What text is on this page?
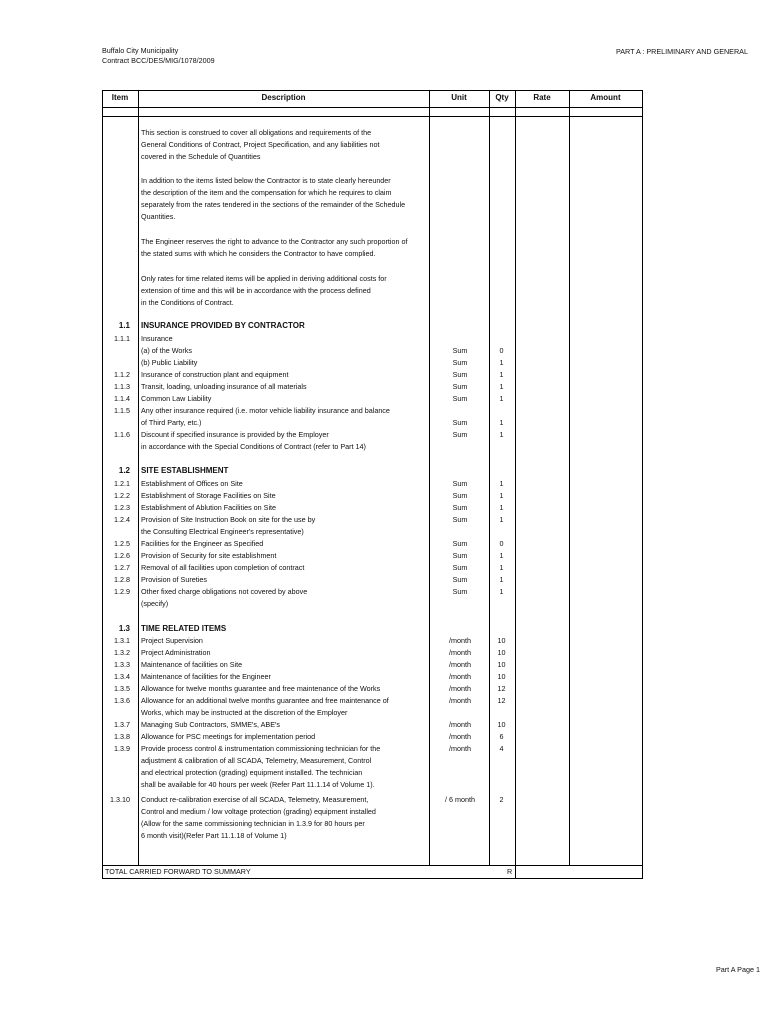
Buffalo City Municipality
Contract BCC/DES/MIG/1078/2009
PART A : PRELIMINARY AND GENERAL
Item	Description	Unit	Qty	Rate	Amount
This section is construed to cover all obligations and requirements of the
General Conditions of Contract, Project Specification, and any liabilities not
covered in the Schedule of Quantities
In addition to the items listed below the Contractor is to state clearly hereunder
the description of the item and the compensation for which he requires to claim
separately from the rates tendered in the sections of the remainder of the Schedule
Quantities.
The Engineer reserves the right to advance to the Contractor any such proportion of
the stated sums with which he considers the Contractor to have complied.
Only rates for time related items will be applied in deriving additional costs for
extension of time and this will be in accordance with the process defined
in the Conditions of Contract.
1.1 INSURANCE PROVIDED BY CONTRACTOR
1.1.1 Insurance
(a) of the Works	Sum	0
(b) Public Liability	Sum	1
1.1.2 Insurance of construction plant and equipment	Sum	1
1.1.3 Transit, loading, unloading insurance of all materials	Sum	1
1.1.4 Common Law Liability	Sum	1
1.1.5 Any other insurance required (i.e. motor vehicle liability insurance and balance
of Third Party, etc.)	Sum	1
1.1.6 Discount if specified insurance is provided by the Employer	Sum	1
in accordance with the Special Conditions of Contract (refer to Part 14)
1.2 SITE ESTABLISHMENT
1.2.1 Establishment of Offices on Site	Sum	1
1.2.2 Establishment of Storage Facilities on Site	Sum	1
1.2.3 Establishment of Ablution Facilities on Site	Sum	1
1.2.4 Provision of Site Instruction Book on site for the use by	Sum	1
the Consulting Electrical Engineer's representative)
1.2.5 Facilities for the Engineer as Specified	Sum	0
1.2.6 Provision of Security for site establishment	Sum	1
1.2.7 Removal of all facilities upon completion of contract	Sum	1
1.2.8 Provision of Sureties	Sum	1
1.2.9 Other fixed charge obligations not covered by above	Sum	1
(specify)
1.3 TIME RELATED ITEMS
1.3.1 Project Supervision	/month	10
1.3.2 Project Administration	/month	10
1.3.3 Maintenance of facilities on Site	/month	10
1.3.4 Maintenance of facilities for the Engineer	/month	10
1.3.5 Allowance for twelve months guarantee and free maintenance of the Works	/month	12
1.3.6 Allowance for an additional twelve months guarantee and free maintenance of	/month	12
Works, which may be instructed at the discretion of the Employer
1.3.7 Managing Sub Contractors, SMME's, ABE's	/month	10
1.3.8 Allowance for PSC meetings for implementation period	/month	6
1.3.9 Provide process control & instrumentation commissioning technician for the	/month	4
adjustment & calibration of all SCADA, Telemetry, Measurement, Control
and electrical protection (grading) equipment installed. The technician
shall be available for 40 hours per week (Refer Part 11.1.14 of Volume 1).
1.3.10 Conduct re-calibration exercise of all SCADA, Telemetry, Measurement,	/ 6 month	2
Control and medium / low voltage protection (grading) equipment installed
(Allow for the same commissioning technician in 1.3.9 for 80 hours per
6 month visit)(Refer Part 11.1.18 of Volume 1)
TOTAL CARRIED FORWARD TO SUMMARY	R
Part A Page 1
